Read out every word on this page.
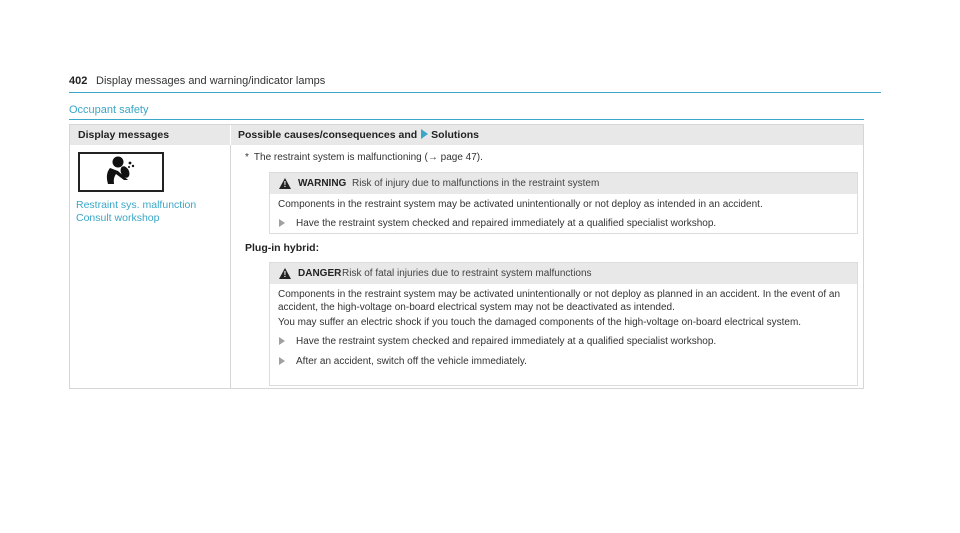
402 Display messages and warning/indicator lamps
Occupant safety
Display messages	Possible causes/consequences and Solutions
Restraint sys. malfunction
Consult workshop
* The restraint system is malfunctioning (→ page 47).
! WARNING Risk of injury due to malfunctions in the restraint system

Components in the restraint system may be activated unintentionally or not deploy as intended in an accident.

Have the restraint system checked and repaired immediately at a qualified specialist workshop.
Plug-in hybrid:
! DANGER Risk of fatal injuries due to restraint system malfunctions

Components in the restraint system may be activated unintentionally or not deploy as planned in an accident. In the event of an accident, the high-voltage on-board electrical system may not be deactivated as intended.

You may suffer an electric shock if you touch the damaged components of the high-voltage on-board electrical system.

Have the restraint system checked and repaired immediately at a qualified specialist workshop.
After an accident, switch off the vehicle immediately.
